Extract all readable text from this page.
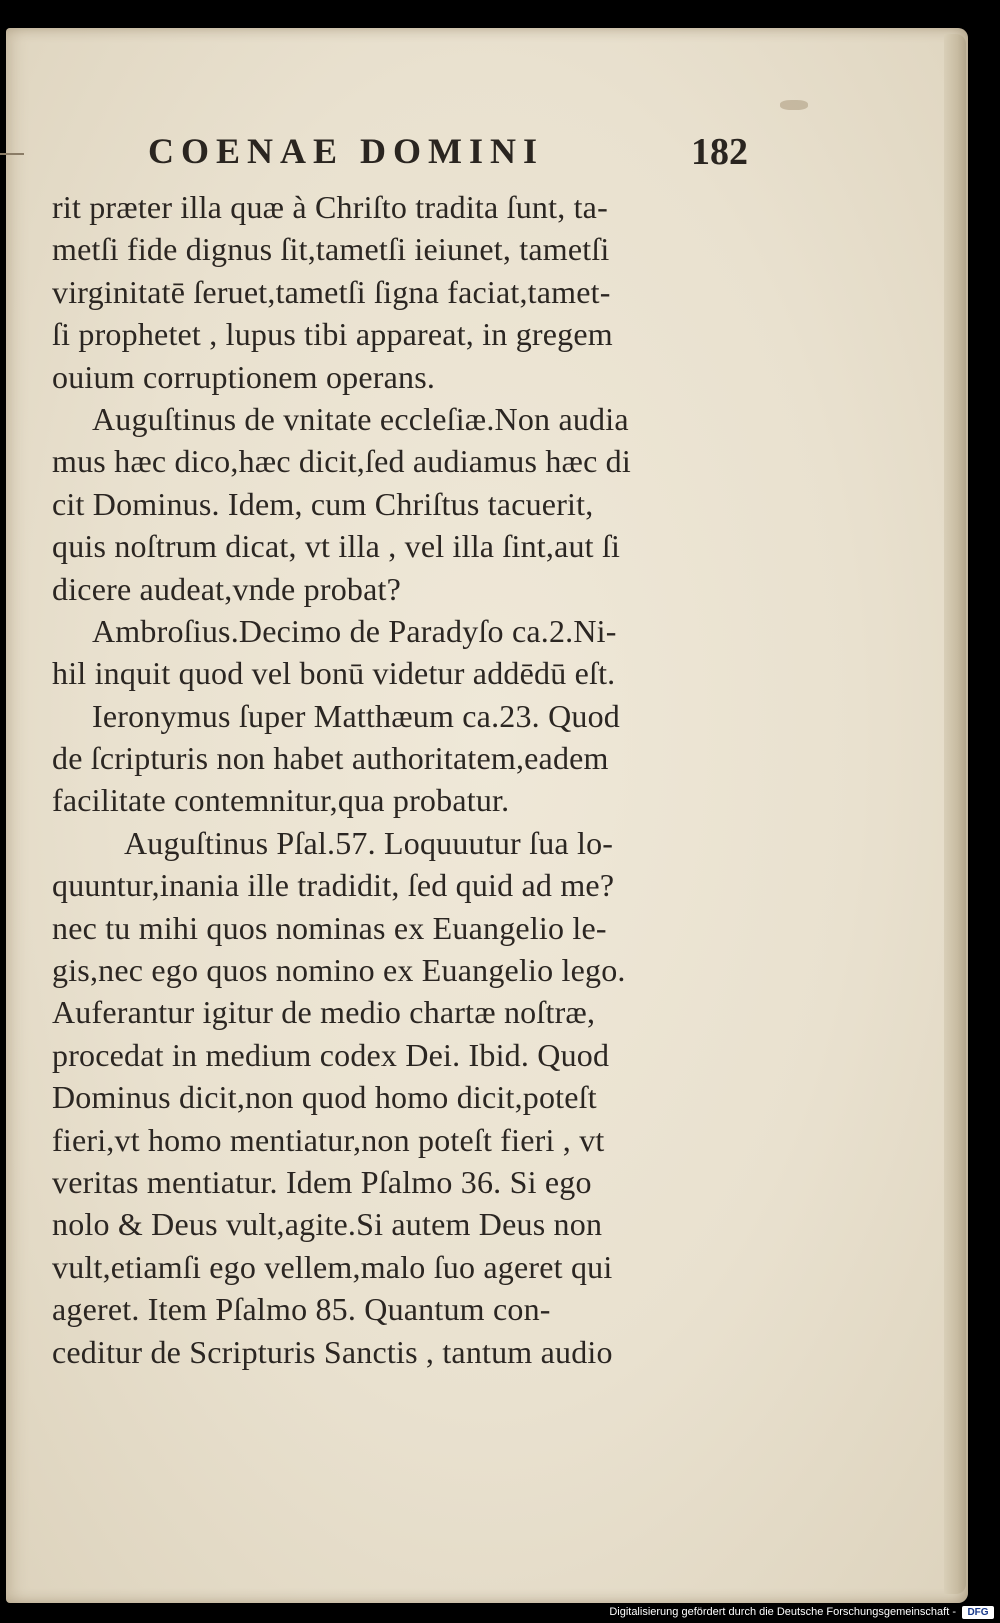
COENAE DOMINI	182
rit præter illa quæ à Chriſto tradita ſunt, ta-
metſi fide dignus ſit,tametſi ieiunet, tametſi
virginitatē ſeruet,tametſi ſigna faciat,tamet-
ſi prophetet , lupus tibi appareat, in gregem
ouium corruptionem operans.
Auguſtinus de vnitate eccleſiæ.Non audia
mus hæc dico,hæc dicit,ſed audiamus hæc di
cit Dominus. Idem, cum Chriſtus tacuerit,
quis noſtrum dicat, vt illa , vel illa ſint,aut ſi
dicere audeat,vnde probat?
Ambroſius.Decimo de Paradyſo ca.2.Ni-
hil inquit quod vel bonū videtur addēdū eſt.
Ieronymus ſuper Matthæum ca.23. Quod
de ſcripturis non habet authoritatem,eadem
facilitate contemnitur,qua probatur.
Auguſtinus Pſal.57. Loquuutur ſua lo-
quuntur,inania ille tradidit, ſed quid ad me?
nec tu mihi quos nominas ex Euangelio le-
gis,nec ego quos nomino ex Euangelio lego.
Auferantur igitur de medio chartæ noſtræ,
procedat in medium codex Dei. Ibid. Quod
Dominus dicit,non quod homo dicit,poteſt
fieri,vt homo mentiatur,non poteſt fieri , vt
veritas mentiatur. Idem Pſalmo 36. Si ego
nolo & Deus vult,agite.Si autem Deus non
vult,etiamſi ego vellem,malo ſuo ageret qui
ageret. Item Pſalmo 85. Quantum con-
ceditur de Scripturis Sanctis , tantum audio
Digitalisierung gefördert durch die Deutsche Forschungsgemeinschaft -	DFG
